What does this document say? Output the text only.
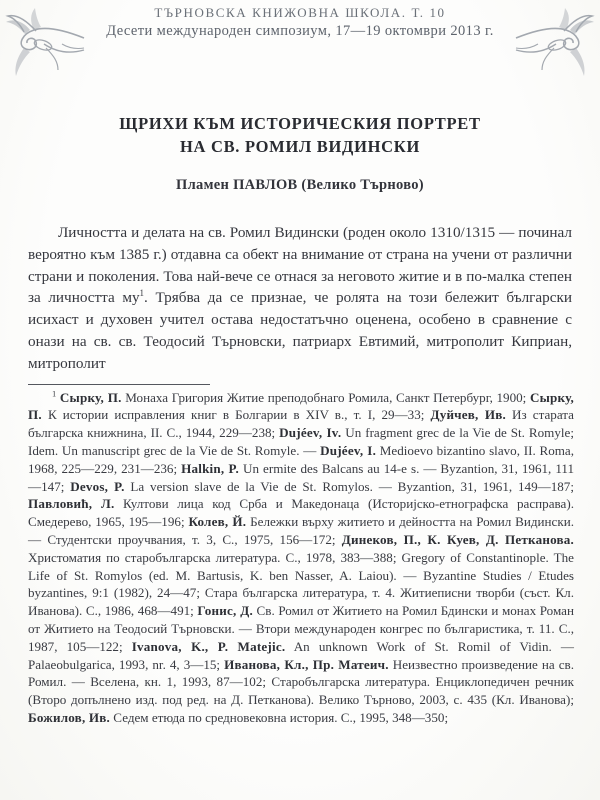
ТЪРНОВСКА КНИЖОВНА ШКОЛА. Т. 10
Десети международен симпозиум, 17—19 октомври 2013 г.
ЩРИХИ КЪМ ИСТОРИЧЕСКИЯ ПОРТРЕТ
НА СВ. РОМИЛ ВИДИНСКИ
Пламен ПАВЛОВ (Велико Търново)

Личността и делата на св. Ромил Видински (роден около 1310/1315 — починал вероятно към 1385 г.) отдавна са обект на внимание от страна на учени от различни страни и поколения. Това най-вече се отнася за неговото житие и в по-малка степен за личността $му^1$. Трябва да се признае, че ролята на този бележит български исихаст и духовен учител остава недостатъчно оценена, особено в сравнение с онази на св. св. Теодосий Търновски, патриарх Евтимий, митрополит Киприан, митрополит

$^1$ Сырку, П. Монаха Григория Житие преподобнаго Ромила, Санкт Петербург, 1900; Сырку, П. К истории исправления книг в Болгарии в XIV в., т. I, 29—33; Дуйчев, Ив. Из старата българска книжнина, II. С., 1944, 229—238; Dujéev, Iv. Un fragment grec de la Vie de St. Romyle; Idem. Un manuscript grec de la Vie de St. Romyle. — Dujéev, I. Medioevo bizantino slavo, II. Roma, 1968, 225—229, 231—236; Halkin, P. Un ermite des Balcans au 14-e s. — Byzantion, 31, 1961, 111—147; Devos, P. La version slave de la Vie de St. Romylos. — Byzantion, 31, 1961, 149—187; Павловић, Л. Култови лица код Срба и Македонаца (Историјско-етнографска расправа). Смедерево, 1965, 195—196; Колев, Й. Бележки върху житието и дейността на Ромил Видински. — Студентски проучвания, т. 3, С., 1975, 156—172; Динеков, П., К. Куев, Д. Петканова. Христоматия по старобългарска литература. С., 1978, 383—388; Gregory of Constantinople. The Life of St. Romylos (ed. M. Bartusis, K. ben Nasser, A. Laiou). — Byzantine Studies / Etudes byzantines, 9:1 (1982), 24—47; Стара българска литература, т. 4. Житиеписни творби (съст. Кл. Иванова). С., 1986, 468—491; Гонис, Д. Св. Ромил от Житието на Ромил Бдински и монах Роман от Житието на Теодосий Търновски. — Втори международен конгрес по българистика, т. 11. С., 1987, 105—122; Ivanova, K., P. Matejic. An unknown Work of St. Romil of Vidin. — Palaeobulgarica, 1993, nr. 4, 3—15; Иванова, Кл., Пр. Матеич. Неизвестно произведение на св. Ромил. — Вселена, кн. 1, 1993, 87—102; Старобългарска литература. Енциклопедичен речник (Второ допълнено изд. под ред. на Д. Петканова). Велико Търново, 2003, с. 435 (Кл. Иванова); Божилов, Ив. Седем етюда по средновековна история. С., 1995, 348—350;
